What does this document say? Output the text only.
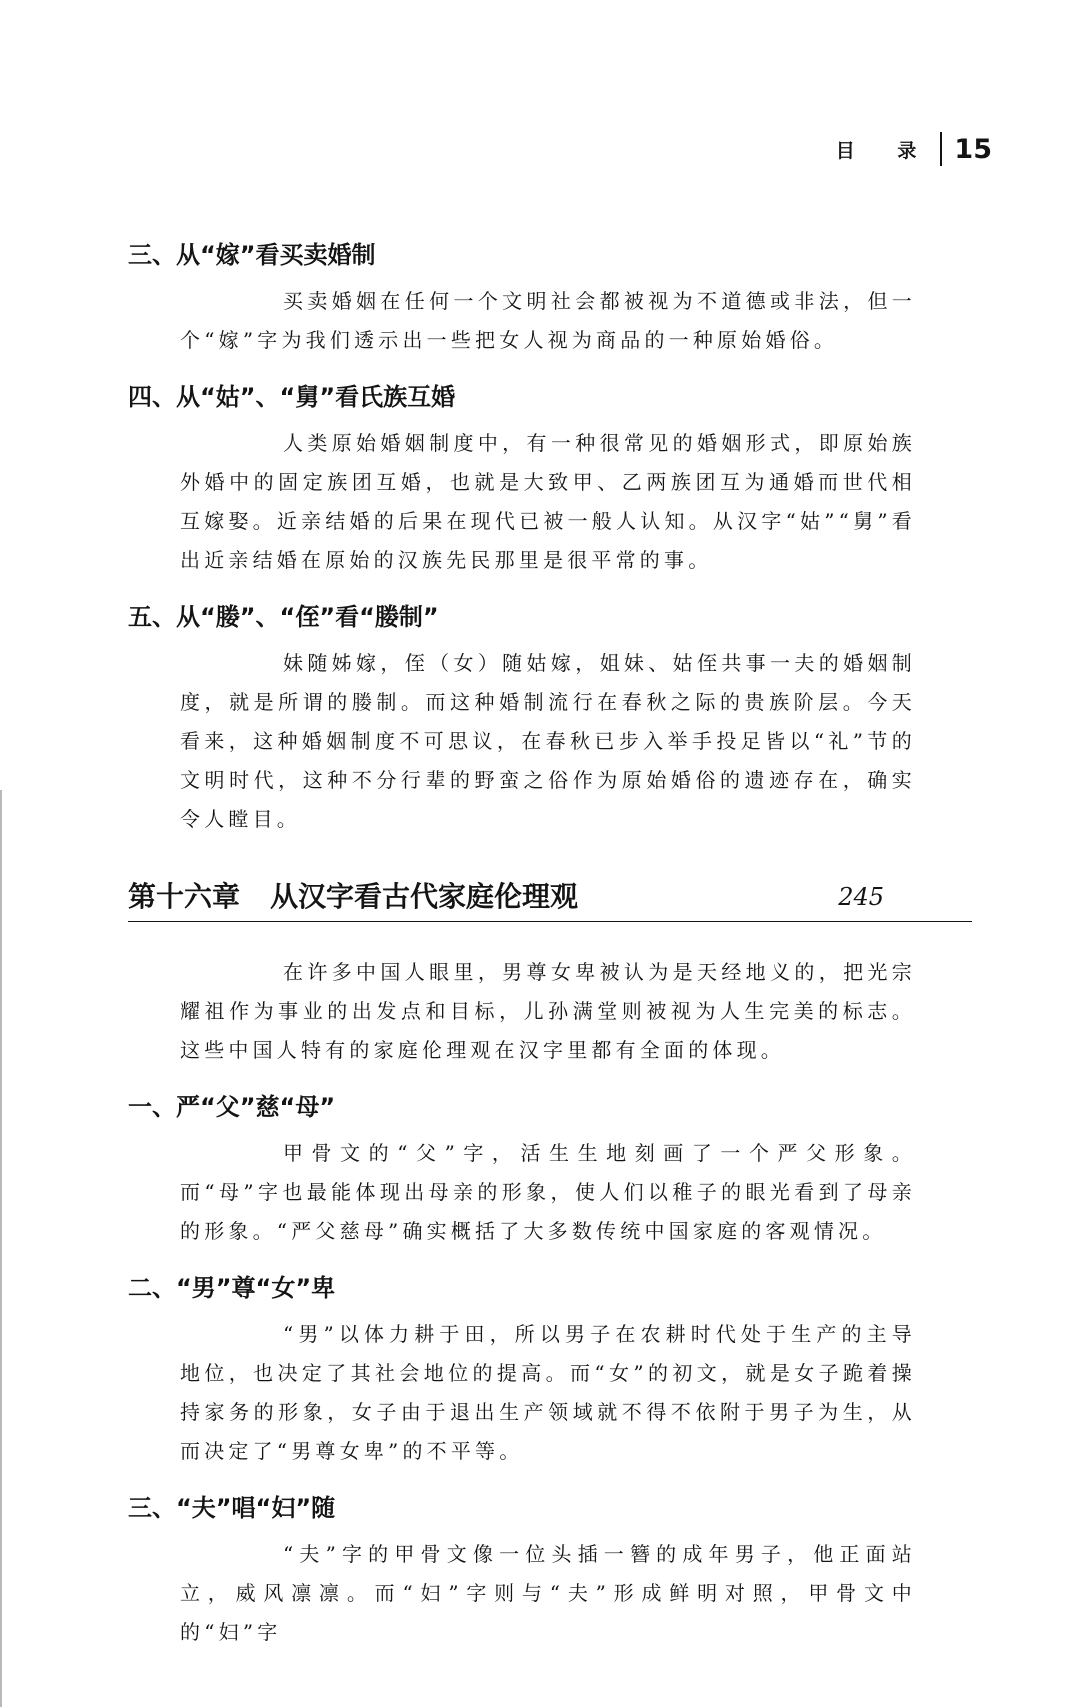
目 录 15
三、从“嫁”看买卖婚制

买卖婚姻在任何一个文明社会都被视为不道德或非法，但一个“嫁”字为我们透示出一些把女人视为商品的一种原始婚俗。

四、从“姑”、“舅”看氏族互婚

人类原始婚姻制度中，有一种很常见的婚姻形式，即原始族外婚中的固定族团互婚，也就是大致甲、乙两族团互为通婚而世代相互嫁娶。近亲结婚的后果在现代已被一般人认知。从汉字“姑”“舅”看出近亲结婚在原始的汉族先民那里是很平常的事。

五、从“媵”、“侄”看“媵制”

妹随姊嫁，侄（女）随姑嫁，姐妹、姑侄共事一夫的婚姻制度，就是所谓的媵制。而这种婚制流行在春秋之际的贵族阶层。今天看来，这种婚姻制度不可思议，在春秋已步入举手投足皆以“礼”节的文明时代，这种不分行辈的野蛮之俗作为原始婚俗的遗迹存在，确实令人瞠目。

第十六章 从汉字看古代家庭伦理观	245

在许多中国人眼里，男尊女卑被认为是天经地义的，把光宗耀祖作为事业的出发点和目标，儿孙满堂则被视为人生完美的标志。这些中国人特有的家庭伦理观在汉字里都有全面的体现。

一、严“父”慈“母”

甲骨文的“父”字，活生生地刻画了一个严父形象。而“母”字也最能体现出母亲的形象，使人们以稚子的眼光看到了母亲的形象。“严父慈母”确实概括了大多数传统中国家庭的客观情况。

二、“男”尊“女”卑

“男”以体力耕于田，所以男子在农耕时代处于生产的主导地位，也决定了其社会地位的提高。而“女”的初文，就是女子跪着操持家务的形象，女子由于退出生产领域就不得不依附于男子为生，从而决定了“男尊女卑”的不平等。

三、“夫”唱“妇”随

“夫”字的甲骨文像一位头插一簪的成年男子，他正面站立，威风凛凛。而“妇”字则与“夫”形成鲜明对照，甲骨文中的“妇”字
